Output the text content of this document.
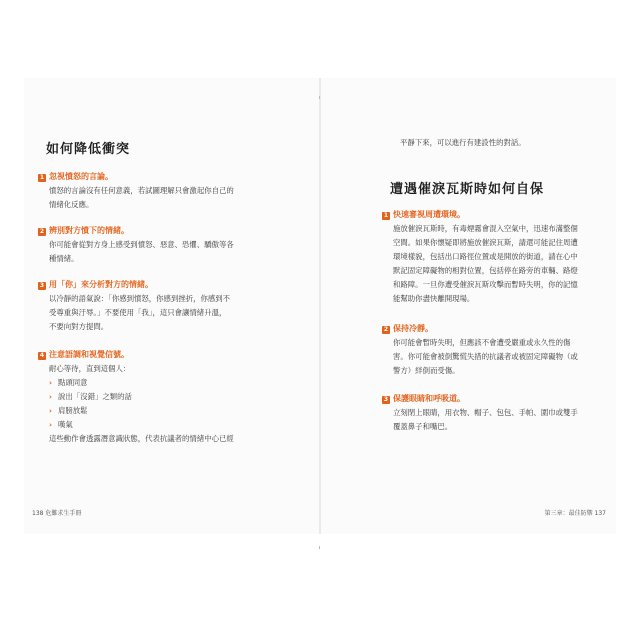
如何降低衝突
1 忽視憤怒的言論。
憤怒的言論沒有任何意義，若試圖理解只會激起你自己的
情緒化反應。
2 辨別對方憤下的情緒。
你可能會從對方身上感受到憤怒、惡意、恐懼、驕傲等各
種情緒。
3 用「你」來分析對方的情緒。
以冷靜的語氣說：「你感到憤怒，你感到挫折，你感到不
受尊重與汙辱。」不要使用「我」，這只會讓情緒升溫，
不要向對方提問。
4 注意語調和視覺信號。
耐心等待，直到這個人：
› 點頭同意
› 說出「沒錯」之類的話
› 肩膀放鬆
› 嘆氣
這些動作會透露潛意識狀態，代表抗議者的情緒中心已經
138 危難求生手冊
平靜下來，可以進行有建設性的對話。
遭遇催淚瓦斯時如何自保
1 快速審視周遭環境。
施放催淚瓦斯時，有毒煙霧會混入空氣中，迅速布滿整個
空間。如果你懷疑即將施放催淚瓦斯，請還可能記住周遭
環境樣貌，包括出口路徑位置或是開放的街道，請在心中
默記固定障礙物的相對位置，包括停在路旁的車輛、路燈
和路障。一旦你遭受催淚瓦斯攻擊而暫時失明，你的記憶
能幫助你盡快離開現場。
2 保持冷靜。
你可能會暫時失明，但應該不會遭受嚴重或永久性的傷
害。你可能會被倒驚慌失措的抗議者或被固定障礙物（或
警方）絆倒而受傷。
3 保護眼睛和呼吸道。
立刻閉上眼睛，用衣物、帽子、包包、手帕、圍巾或雙手
覆蓋鼻子和嘴巴。
第三章：最佳防禦 137
